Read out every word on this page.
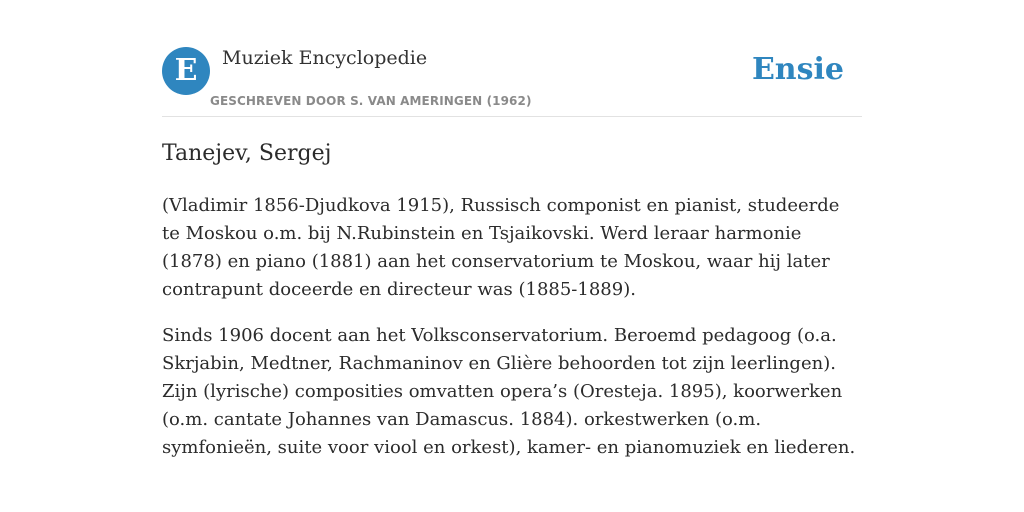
E	Muziek Encyclopedie
GESCHREVEN DOOR S. VAN AMERINGEN (1962)
Ensie
Tanejev, Sergej

(Vladimir 1856-Djudkova 1915), Russisch componist en pianist, studeerde te Moskou o.m. bij N.Rubinstein en Tsjaikovski. Werd leraar harmonie (1878) en piano (1881) aan het conservatorium te Moskou, waar hij later contrapunt doceerde en directeur was (1885-1889).

Sinds 1906 docent aan het Volksconservatorium. Beroemd pedagoog (o.a. Skrjabin, Medtner, Rachmaninov en Glière behoorden tot zijn leerlingen). Zijn (lyrische) composities omvatten opera’s (Oresteja. 1895), koorwerken (o.m. cantate Johannes van Damascus. 1884). orkestwerken (o.m. symfonieën, suite voor viool en orkest), kamer- en pianomuziek en liederen.
